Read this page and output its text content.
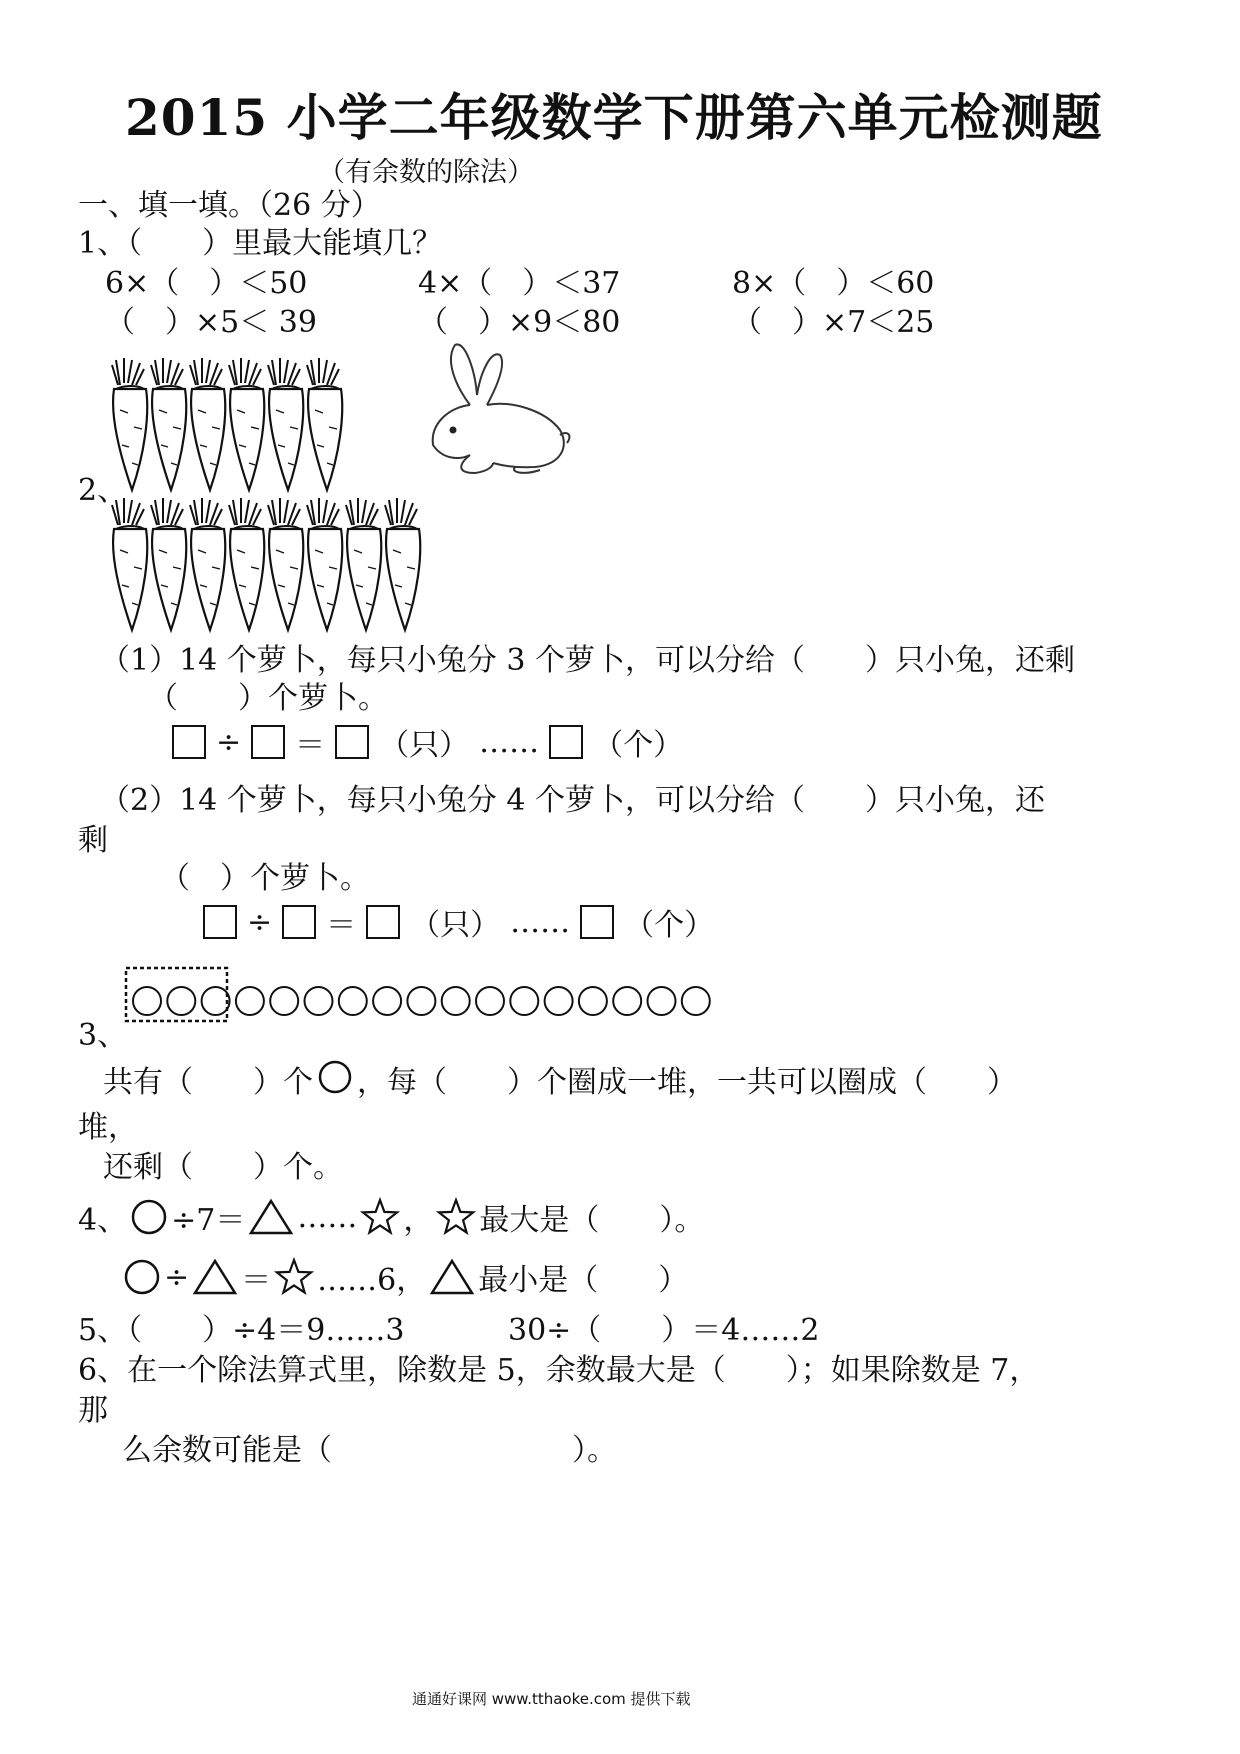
2015 小学二年级数学下册第六单元检测题
（有余数的除法）
一、填一填。（26 分）
1、（　　）里最大能填几？
6×（　）＜50	4×（　）＜37	8×（　）＜60
（　）×5＜ 39	（　）×9＜80	（　）×7＜25
2、
（1）14 个萝卜，每只小兔分 3 个萝卜，可以分给（　　）只小兔，还剩
（　　）个萝卜。
÷ ＝ （只） …… （个）
（2）14 个萝卜，每只小兔分 4 个萝卜，可以分给（　　）只小兔，还
剩
（　）个萝卜。
÷ ＝ （只） …… （个）
3、
共有（　　）个 ，每（　　）个圈成一堆，一共可以圈成（　　）
堆，
还剩（　　）个。
4、 ÷7＝ …… ， 最大是（　　）。
÷ ＝ ……6， 最小是（　　）
5、（　　）÷4＝9……3	30÷（　　）＝4……2
6、在一个除法算式里，除数是 5，余数最大是（　　）；如果除数是 7，
那
么余数可能是（　　　　　　　　）。
通通好课网 www.tthaoke.com 提供下载
